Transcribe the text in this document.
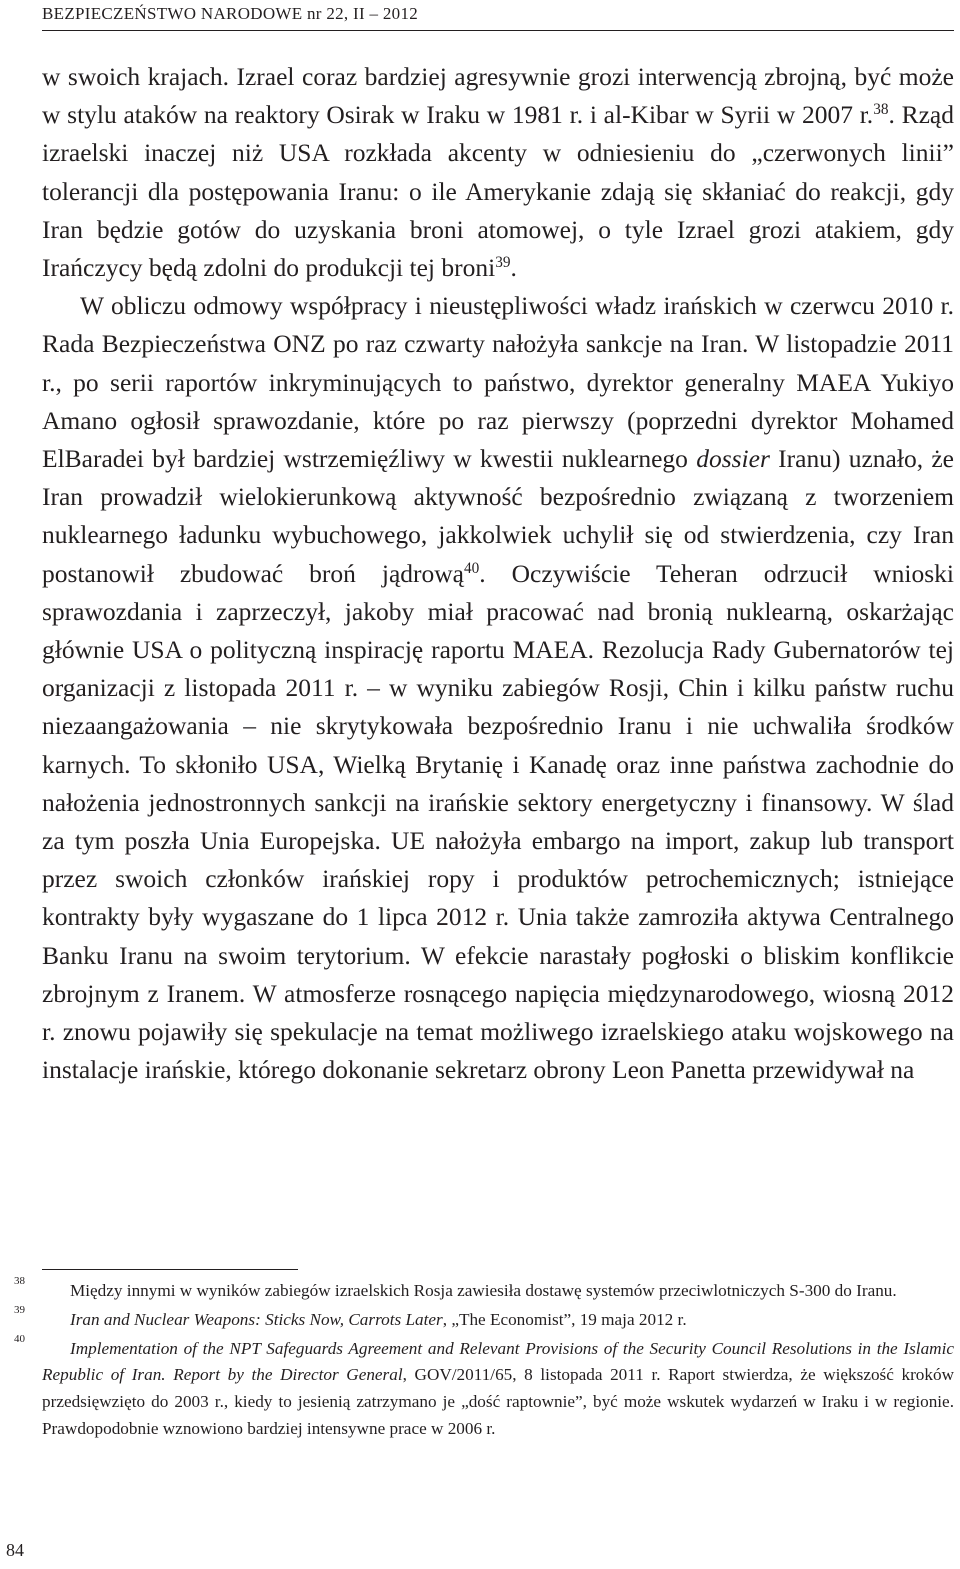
BEZPIECZEŃSTWO NARODOWE nr 22, II – 2012

w swoich krajach. Izrael coraz bardziej agresywnie grozi interwencją zbrojną, być może w stylu ataków na reaktory Osirak w Iraku w 1981 r. i al-Kibar w Syrii w 2007 r.$^{38}$. Rząd izraelski inaczej niż USA rozkłada akcenty w odniesieniu do „czerwonych linii” tolerancji dla postępowania Iranu: o ile Amerykanie zdają się skłaniać do reakcji, gdy Iran będzie gotów do uzyskania broni atomowej, o tyle Izrael grozi atakiem, gdy Irańczycy będą zdolni do produkcji tej broni$^{39}$.

W obliczu odmowy współpracy i nieustępliwości władz irańskich w czerwcu 2010 r. Rada Bezpieczeństwa ONZ po raz czwarty nałożyła sankcje na Iran. W listopadzie 2011 r., po serii raportów inkryminujących to państwo, dyrektor generalny MAEA Yukiyo Amano ogłosił sprawozdanie, które po raz pierwszy (poprzedni dyrektor Mohamed ElBaradei był bardziej wstrzemięźliwy w kwestii nuklearnego dossier Iranu) uznało, że Iran prowadził wielokierunkową aktywność bezpośrednio związaną z tworzeniem nuklearnego ładunku wybuchowego, jakkolwiek uchylił się od stwierdzenia, czy Iran postanowił zbudować broń jądrową$^{40}$. Oczywiście Teheran odrzucił wnioski sprawozdania i zaprzeczył, jakoby miał pracować nad bronią nuklearną, oskarżając głównie USA o polityczną inspirację raportu MAEA. Rezolucja Rady Gubernatorów tej organizacji z listopada 2011 r. – w wyniku zabiegów Rosji, Chin i kilku państw ruchu niezaangażowania – nie skrytykowała bezpośrednio Iranu i nie uchwaliła środków karnych. To skłoniło USA, Wielką Brytanię i Kanadę oraz inne państwa zachodnie do nałożenia jednostronnych sankcji na irańskie sektory energetyczny i finansowy. W ślad za tym poszła Unia Europejska. UE nałożyła embargo na import, zakup lub transport przez swoich członków irańskiej ropy i produktów petrochemicznych; istniejące kontrakty były wygaszane do 1 lipca 2012 r. Unia także zamroziła aktywa Centralnego Banku Iranu na swoim terytorium. W efekcie narastały pogłoski o bliskim konflikcie zbrojnym z Iranem. W atmosferze rosnącego napięcia międzynarodowego, wiosną 2012 r. znowu pojawiły się spekulacje na temat możliwego izraelskiego ataku wojskowego na instalacje irańskie, którego dokonanie sekretarz obrony Leon Panetta przewidywał na

38	Między innymi w wyników zabiegów izraelskich Rosja zawiesiła dostawę systemów przeciwlotniczych S-300 do Iranu.

39	Iran and Nuclear Weapons: Sticks Now, Carrots Later, „The Economist”, 19 maja 2012 r.

40	Implementation of the NPT Safeguards Agreement and Relevant Provisions of the Security Council Resolutions in the Islamic Republic of Iran. Report by the Director General, GOV/2011/65, 8 listopada 2011 r. Raport stwierdza, że większość kroków przedsięwzięto do 2003 r., kiedy to jesienią zatrzymano je „dość raptownie”, być może wskutek wydarzeń w Iraku i w regionie. Prawdopodobnie wznowiono bardziej intensywne prace w 2006 r.

84
